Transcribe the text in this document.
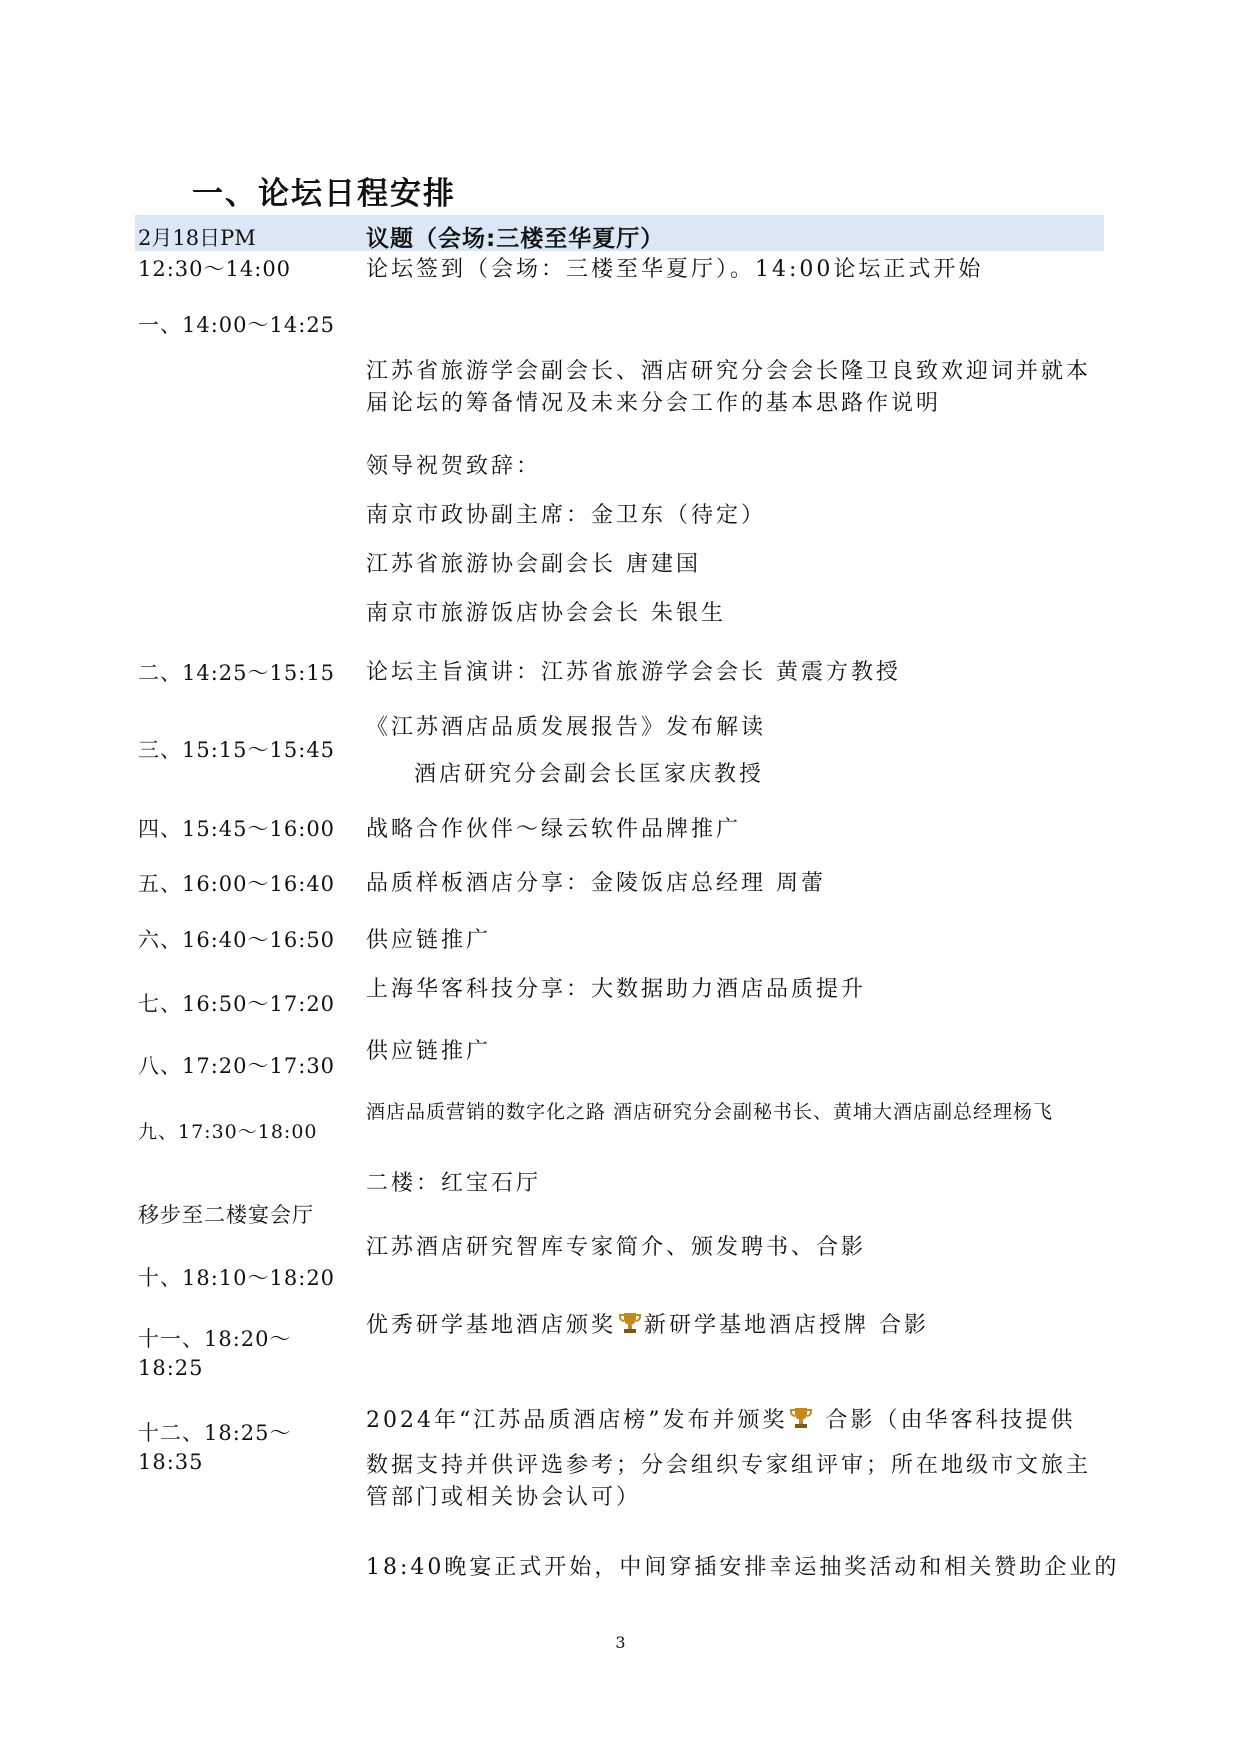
一、论坛日程安排
2月18日PM	议题（会场:三楼至华夏厅）
12:30～14:00	论坛签到（会场：三楼至华夏厅）。14:00论坛正式开始
一、14:00～14:25
江苏省旅游学会副会长、酒店研究分会会长隆卫良致欢迎词并就本届论坛的筹备情况及未来分会工作的基本思路作说明
领导祝贺致辞：
南京市政协副主席：金卫东（待定）
江苏省旅游协会副会长 唐建国
南京市旅游饭店协会会长 朱银生
二、14:25～15:15 论坛主旨演讲：江苏省旅游学会会长 黄震方教授
三、15:15～15:45
《江苏酒店品质发展报告》发布解读
酒店研究分会副会长匡家庆教授
四、15:45～16:00 战略合作伙伴～绿云软件品牌推广
五、16:00～16:40 品质样板酒店分享：金陵饭店总经理 周蕾
六、16:40～16:50 供应链推广
七、16:50～17:20
上海华客科技分享：大数据助力酒店品质提升
八、17:20～17:30
供应链推广
九、17:30～18:00
酒店品质营销的数字化之路 酒店研究分会副秘书长、黄埔大酒店副总经理杨飞
移步至二楼宴会厅
二楼：红宝石厅
十、18:10～18:20
江苏酒店研究智库专家简介、颁发聘书、合影
十一、18:20～
18:25
优秀研学基地酒店颁奖 新研学基地酒店授牌 合影
十二、18:25～
18:35
2024年“江苏品质酒店榜”发布并颁奖 合影（由华客科技提供
数据支持并供评选参考；分会组织专家组评审；所在地级市文旅主管部门或相关协会认可）
18:40晚宴正式开始，中间穿插安排幸运抽奖活动和相关赞助企业的
3
